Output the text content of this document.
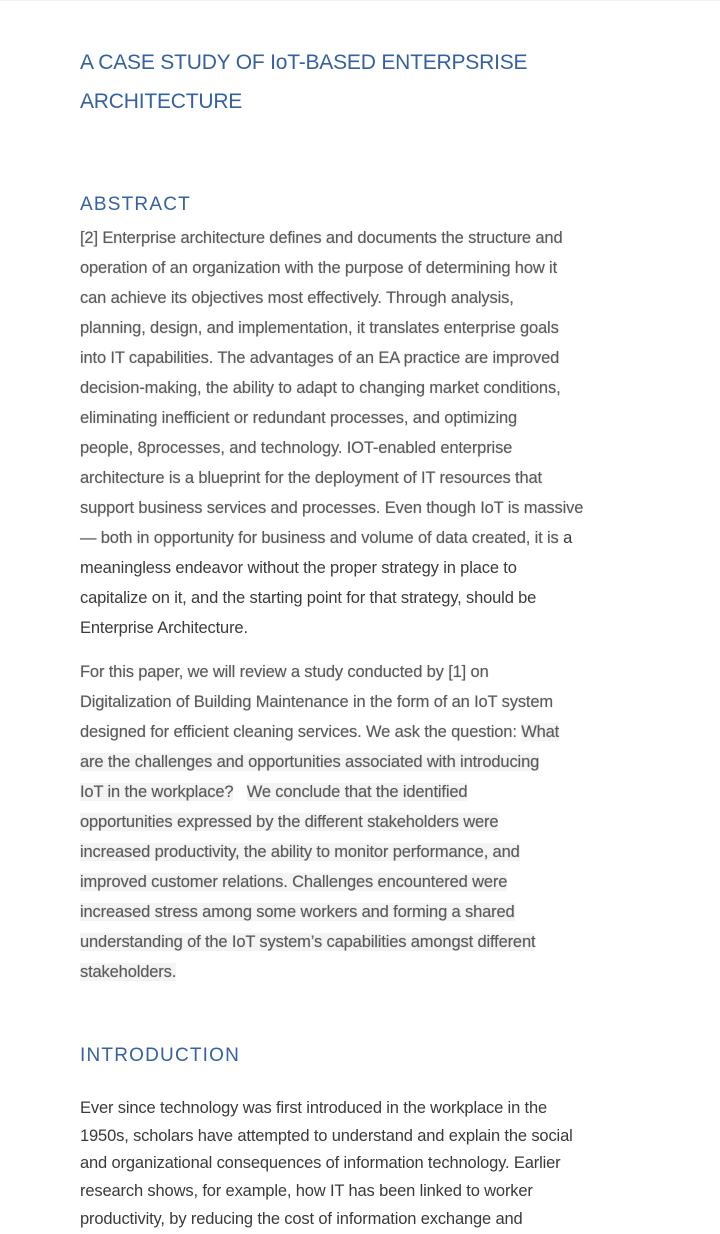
A CASE STUDY OF IoT-BASED ENTERPSRISE
ARCHITECTURE
ABSTRACT
[2] Enterprise architecture defines and documents the structure and
operation of an organization with the purpose of determining how it
can achieve its objectives most effectively. Through analysis,
planning, design, and implementation, it translates enterprise goals
into IT capabilities. The advantages of an EA practice are improved
decision-making, the ability to adapt to changing market conditions,
eliminating inefficient or redundant processes, and optimizing
people, 8processes, and technology. IOT-enabled enterprise
architecture is a blueprint for the deployment of IT resources that
support business services and processes. Even though IoT is massive
— both in opportunity for business and volume of data created, it is a
meaningless endeavor without the proper strategy in place to
capitalize on it, and the starting point for that strategy, should be
Enterprise Architecture.
For this paper, we will review a study conducted by [1] on
Digitalization of Building Maintenance in the form of an IoT system
designed for efficient cleaning services. We ask the question: What
are the challenges and opportunities associated with introducing
IoT in the workplace? We conclude that the identified
opportunities expressed by the different stakeholders were
increased productivity, the ability to monitor performance, and
improved customer relations. Challenges encountered were
increased stress among some workers and forming a shared
understanding of the IoT system’s capabilities amongst different
stakeholders.
INTRODUCTION
Ever since technology was first introduced in the workplace in the
1950s, scholars have attempted to understand and explain the social
and organizational consequences of information technology. Earlier
research shows, for example, how IT has been linked to worker
productivity, by reducing the cost of information exchange and
